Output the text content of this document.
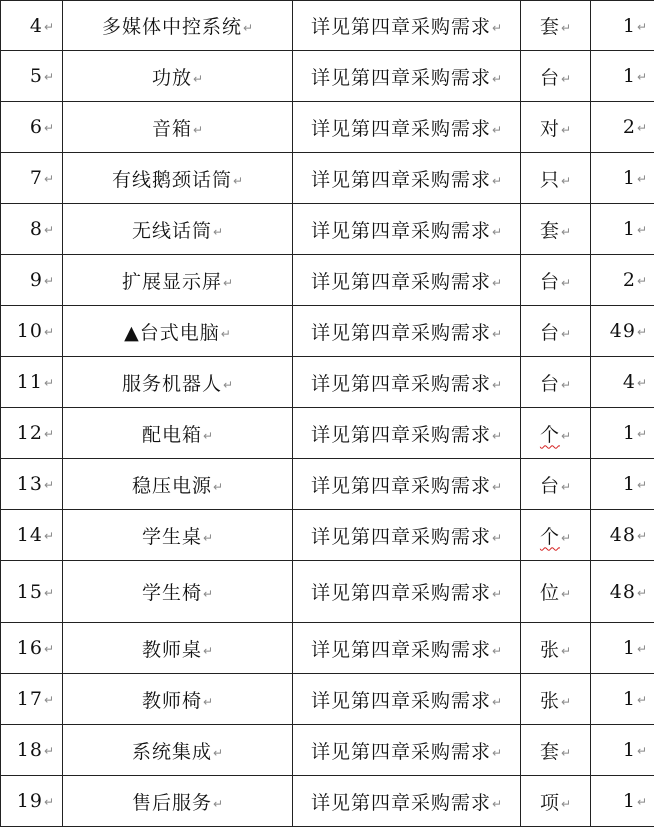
4↵	多媒体中控系统↵	详见第四章采购需求↵	套↵	1↵
5↵	功放↵	详见第四章采购需求↵	台↵	1↵
6↵	音箱↵	详见第四章采购需求↵	对↵	2↵
7↵	有线鹅颈话筒↵	详见第四章采购需求↵	只↵	1↵
8↵	无线话筒↵	详见第四章采购需求↵	套↵	1↵
9↵	扩展显示屏↵	详见第四章采购需求↵	台↵	2↵
10↵	▲台式电脑↵	详见第四章采购需求↵	台↵	49↵
11↵	服务机器人↵	详见第四章采购需求↵	台↵	4↵
12↵	配电箱↵	详见第四章采购需求↵	个↵	1↵
13↵	稳压电源↵	详见第四章采购需求↵	台↵	1↵
14↵	学生桌↵	详见第四章采购需求↵	个↵	48↵
15↵	学生椅↵	详见第四章采购需求↵	位↵	48↵
16↵	教师桌↵	详见第四章采购需求↵	张↵	1↵
17↵	教师椅↵	详见第四章采购需求↵	张↵	1↵
18↵	系统集成↵	详见第四章采购需求↵	套↵	1↵
19↵	售后服务↵	详见第四章采购需求↵	项↵	1↵
